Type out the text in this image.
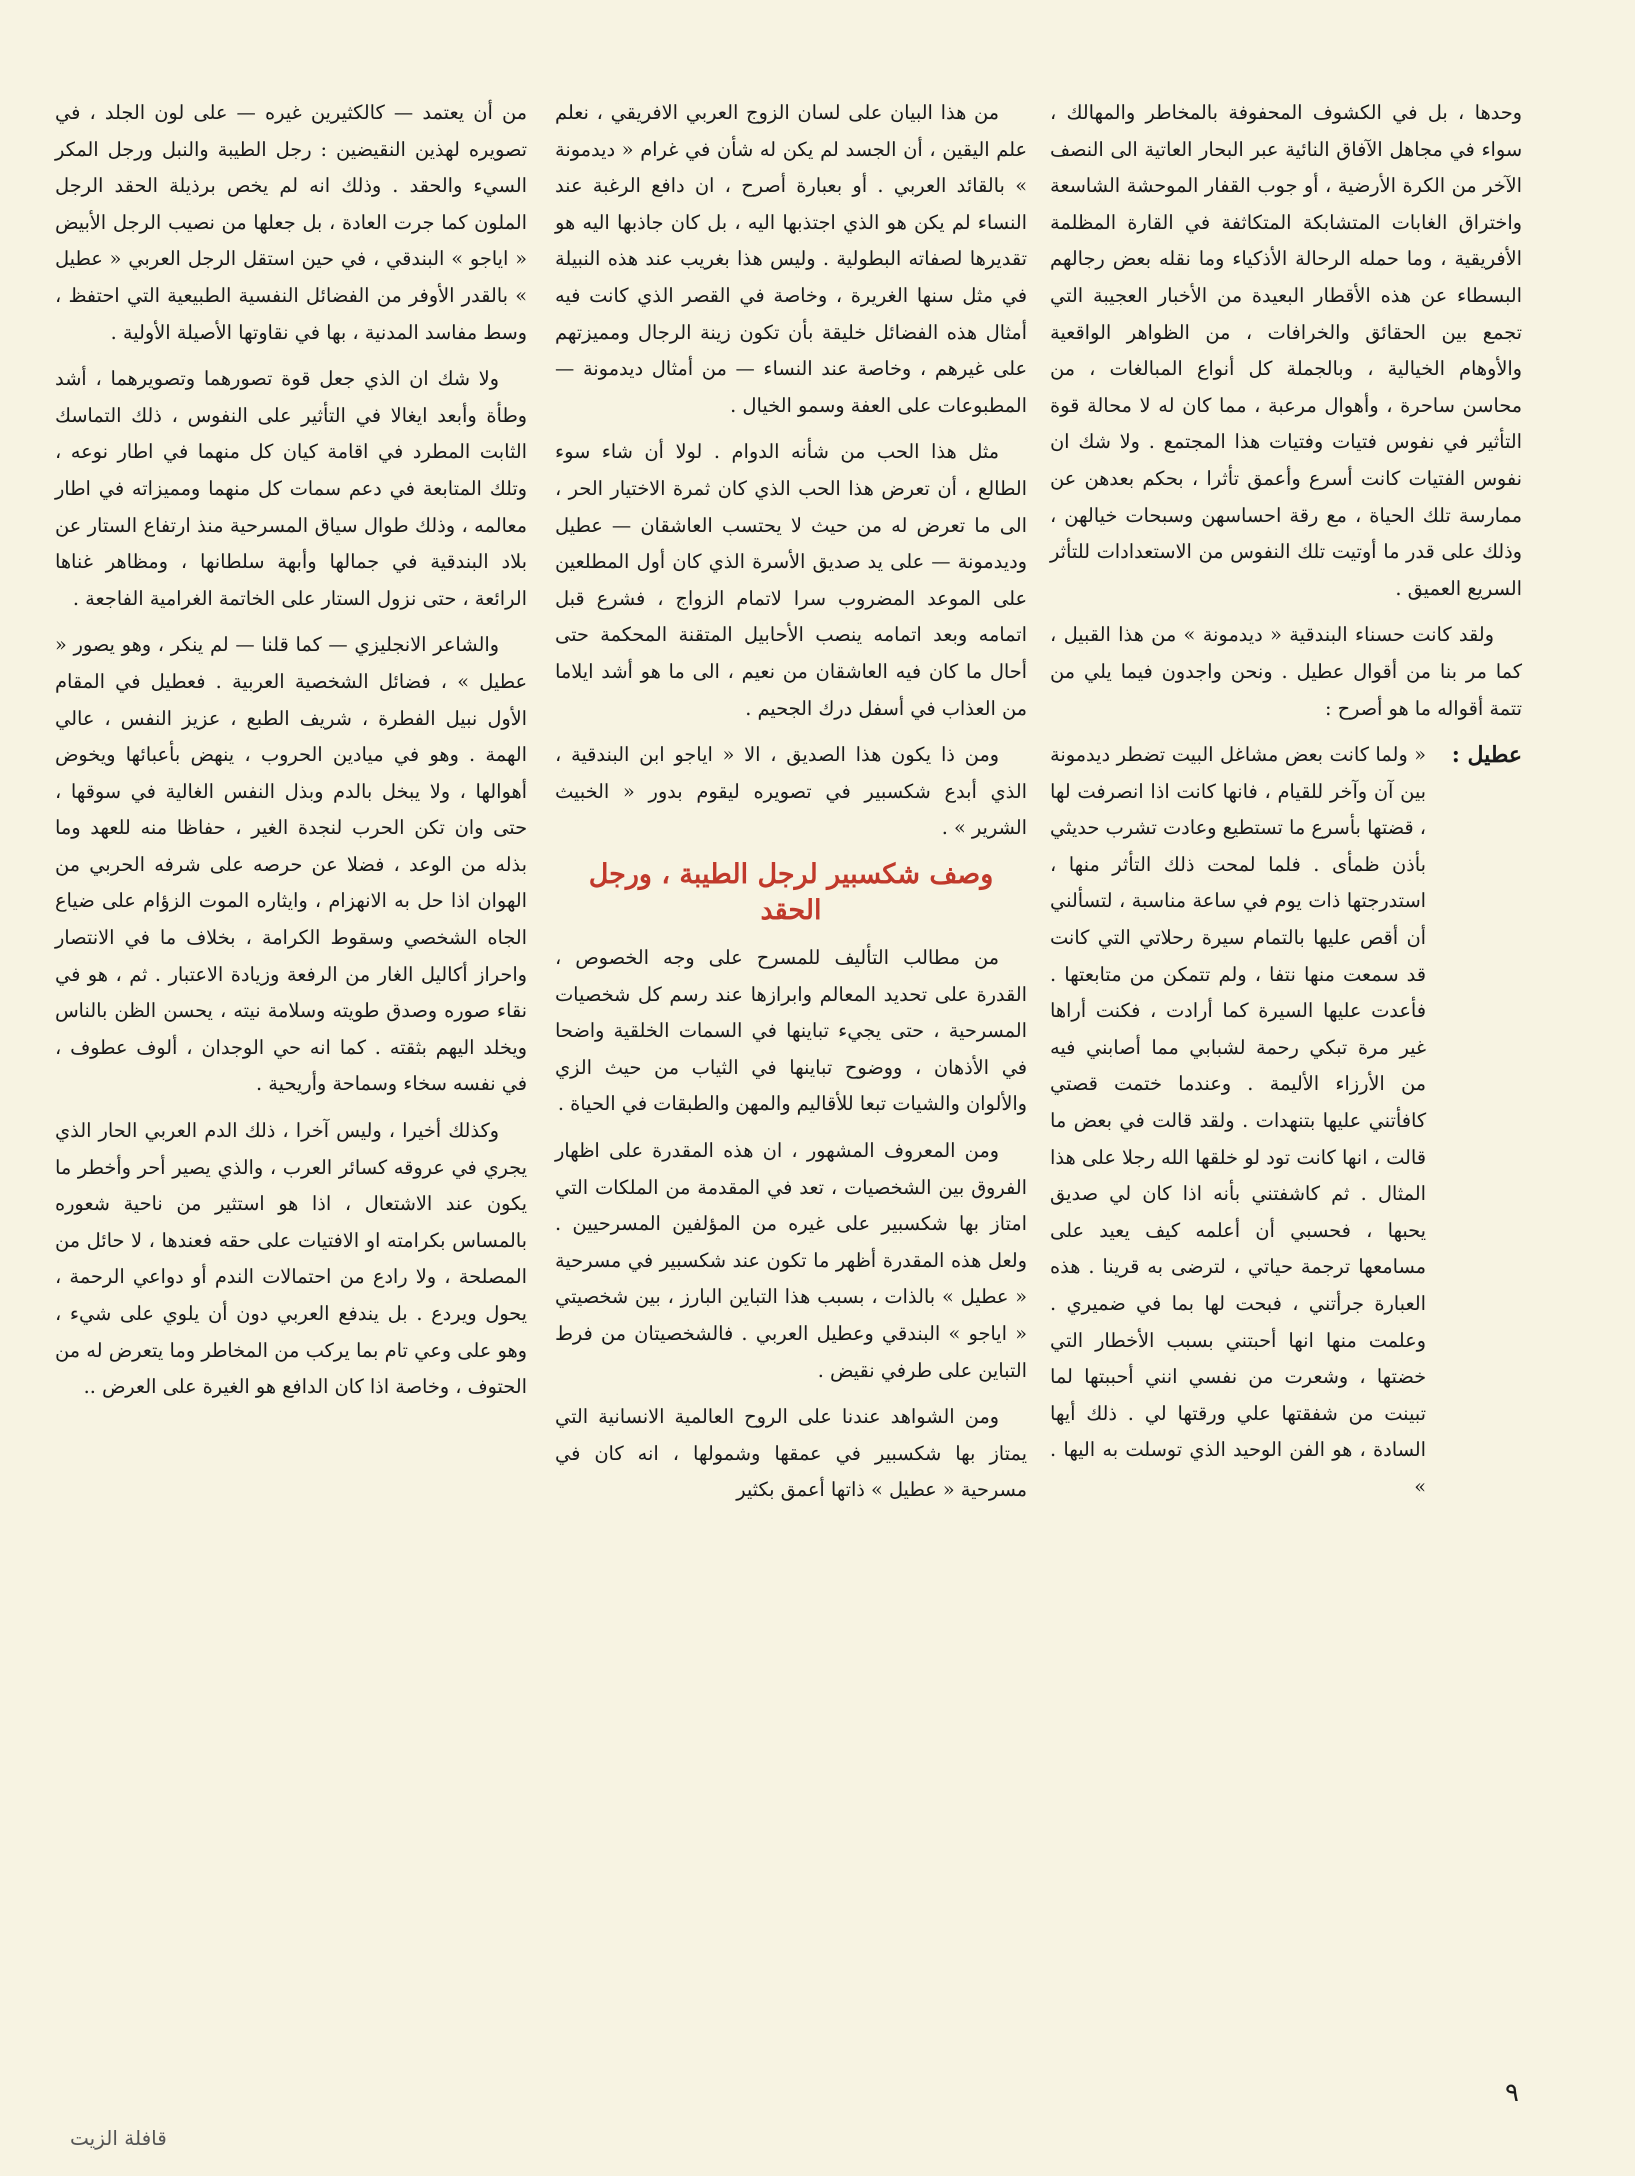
وحدها ، بل في الكشوف المحفوفة بالمخاطر والمهالك ، سواء في مجاهل الآفاق النائية عبر البحار العاتية الى النصف الآخر من الكرة الأرضية ، أو جوب القفار الموحشة الشاسعة واختراق الغابات المتشابكة المتكاثفة في القارة المظلمة الأفريقية ، وما حمله الرحالة الأذكياء وما نقله بعض رجالهم البسطاء عن هذه الأقطار البعيدة من الأخبار العجيبة التي تجمع بين الحقائق والخرافات ، من الظواهر الواقعية والأوهام الخيالية ، وبالجملة كل أنواع المبالغات ، من محاسن ساحرة ، وأهوال مرعبة ، مما كان له لا محالة قوة التأثير في نفوس فتيات وفتيات هذا المجتمع . ولا شك ان نفوس الفتيات كانت أسرع وأعمق تأثرا ، بحكم بعدهن عن ممارسة تلك الحياة ، مع رقة احساسهن وسبحات خيالهن ، وذلك على قدر ما أوتيت تلك النفوس من الاستعدادات للتأثر السريع العميق .

ولقد كانت حسناء البندقية « ديدمونة » من هذا القبيل ، كما مر بنا من أقوال عطيل . ونحن واجدون فيما يلي من تتمة أقواله ما هو أصرح :

عطيل :
« ولما كانت بعض مشاغل البيت تضطر ديدمونة بين آن وآخر للقيام ، فانها كانت اذا انصرفت لها ، قضتها بأسرع ما تستطيع وعادت تشرب حديثي بأذن ظمأى . فلما لمحت ذلك التأثر منها ، استدرجتها ذات يوم في ساعة مناسبة ، لتسألني أن أقص عليها بالتمام سيرة رحلاتي التي كانت قد سمعت منها نتفا ، ولم تتمكن من متابعتها . فأعدت عليها السيرة كما أرادت ، فكنت أراها غير مرة تبكي رحمة لشبابي مما أصابني فيه من الأرزاء الأليمة . وعندما ختمت قصتي كافأتني عليها بتنهدات . ولقد قالت في بعض ما قالت ، انها كانت تود لو خلقها الله رجلا على هذا المثال . ثم كاشفتني بأنه اذا كان لي صديق يحبها ، فحسبي أن أعلمه كيف يعيد على مسامعها ترجمة حياتي ، لترضى به قرينا . هذه العبارة جرأتني ، فبحت لها بما في ضميري . وعلمت منها انها أحبتني بسبب الأخطار التي خضتها ، وشعرت من نفسي انني أحببتها لما تبينت من شفقتها علي ورقتها لي . ذلك أيها السادة ، هو الفن الوحيد الذي توسلت به اليها . »

من هذا البيان على لسان الزوج العربي الافريقي ، نعلم علم اليقين ، أن الجسد لم يكن له شأن في غرام « ديدمونة » بالقائد العربي . أو بعبارة أصرح ، ان دافع الرغبة عند النساء لم يكن هو الذي اجتذبها اليه ، بل كان جاذبها اليه هو تقديرها لصفاته البطولية . وليس هذا بغريب عند هذه النبيلة في مثل سنها الغريرة ، وخاصة في القصر الذي كانت فيه أمثال هذه الفضائل خليقة بأن تكون زينة الرجال ومميزتهم على غيرهم ، وخاصة عند النساء — من أمثال ديدمونة — المطبوعات على العفة وسمو الخيال .

مثل هذا الحب من شأنه الدوام . لولا أن شاء سوء الطالع ، أن تعرض هذا الحب الذي كان ثمرة الاختيار الحر ، الى ما تعرض له من حيث لا يحتسب العاشقان — عطيل وديدمونة — على يد صديق الأسرة الذي كان أول المطلعين على الموعد المضروب سرا لاتمام الزواج ، فشرع قبل اتمامه وبعد اتمامه ينصب الأحابيل المتقنة المحكمة حتى أحال ما كان فيه العاشقان من نعيم ، الى ما هو أشد ايلاما من العذاب في أسفل درك الجحيم .

ومن ذا يكون هذا الصديق ، الا « اياجو ابن البندقية ، الذي أبدع شكسبير في تصويره ليقوم بدور « الخبيث الشرير » .

وصف شكسبير لرجل الطيبة ، ورجل الحقد

من مطالب التأليف للمسرح على وجه الخصوص ، القدرة على تحديد المعالم وابرازها عند رسم كل شخصيات المسرحية ، حتى يجيء تباينها في السمات الخلقية واضحا في الأذهان ، ووضوح تباينها في الثياب من حيث الزي والألوان والشيات تبعا للأقاليم والمهن والطبقات في الحياة .

ومن المعروف المشهور ، ان هذه المقدرة على اظهار الفروق بين الشخصيات ، تعد في المقدمة من الملكات التي امتاز بها شكسبير على غيره من المؤلفين المسرحيين . ولعل هذه المقدرة أظهر ما تكون عند شكسبير في مسرحية « عطيل » بالذات ، بسبب هذا التباين البارز ، بين شخصيتي « اياجو » البندقي وعطيل العربي . فالشخصيتان من فرط التباين على طرفي نقيض .

ومن الشواهد عندنا على الروح العالمية الانسانية التي يمتاز بها شكسبير في عمقها وشمولها ، انه كان في مسرحية « عطيل » ذاتها أعمق بكثير

من أن يعتمد — كالكثيرين غيره — على لون الجلد ، في تصويره لهذين النقيضين : رجل الطيبة والنبل ورجل المكر السيء والحقد . وذلك انه لم يخص برذيلة الحقد الرجل الملون كما جرت العادة ، بل جعلها من نصيب الرجل الأبيض « اياجو » البندقي ، في حين استقل الرجل العربي « عطيل » بالقدر الأوفر من الفضائل النفسية الطبيعية التي احتفظ ، وسط مفاسد المدنية ، بها في نقاوتها الأصيلة الأولية .

ولا شك ان الذي جعل قوة تصورهما وتصويرهما ، أشد وطأة وأبعد ايغالا في التأثير على النفوس ، ذلك التماسك الثابت المطرد في اقامة كيان كل منهما في اطار نوعه ، وتلك المتابعة في دعم سمات كل منهما ومميزاته في اطار معالمه ، وذلك طوال سياق المسرحية منذ ارتفاع الستار عن بلاد البندقية في جمالها وأبهة سلطانها ، ومظاهر غناها الرائعة ، حتى نزول الستار على الخاتمة الغرامية الفاجعة .

والشاعر الانجليزي — كما قلنا — لم ينكر ، وهو يصور « عطيل » ، فضائل الشخصية العربية . فعطيل في المقام الأول نبيل الفطرة ، شريف الطبع ، عزيز النفس ، عالي الهمة . وهو في ميادين الحروب ، ينهض بأعبائها ويخوض أهوالها ، ولا يبخل بالدم وبذل النفس الغالية في سوقها ، حتى وان تكن الحرب لنجدة الغير ، حفاظا منه للعهد وما بذله من الوعد ، فضلا عن حرصه على شرفه الحربي من الهوان اذا حل به الانهزام ، وايثاره الموت الزؤام على ضياع الجاه الشخصي وسقوط الكرامة ، بخلاف ما في الانتصار واحراز أكاليل الغار من الرفعة وزيادة الاعتبار . ثم ، هو في نقاء صوره وصدق طويته وسلامة نيته ، يحسن الظن بالناس ويخلد اليهم بثقته . كما انه حي الوجدان ، ألوف عطوف ، في نفسه سخاء وسماحة وأريحية .

وكذلك أخيرا ، وليس آخرا ، ذلك الدم العربي الحار الذي يجري في عروقه كسائر العرب ، والذي يصير أحر وأخطر ما يكون عند الاشتعال ، اذا هو استثير من ناحية شعوره بالمساس بكرامته او الافتيات على حقه فعندها ، لا حائل من المصلحة ، ولا رادع من احتمالات الندم أو دواعي الرحمة ، يحول ويردع . بل يندفع العربي دون أن يلوي على شيء ، وهو على وعي تام بما يركب من المخاطر وما يتعرض له من الحتوف ، وخاصة اذا كان الدافع هو الغيرة على العرض ..

٩
قافلة الزيت
